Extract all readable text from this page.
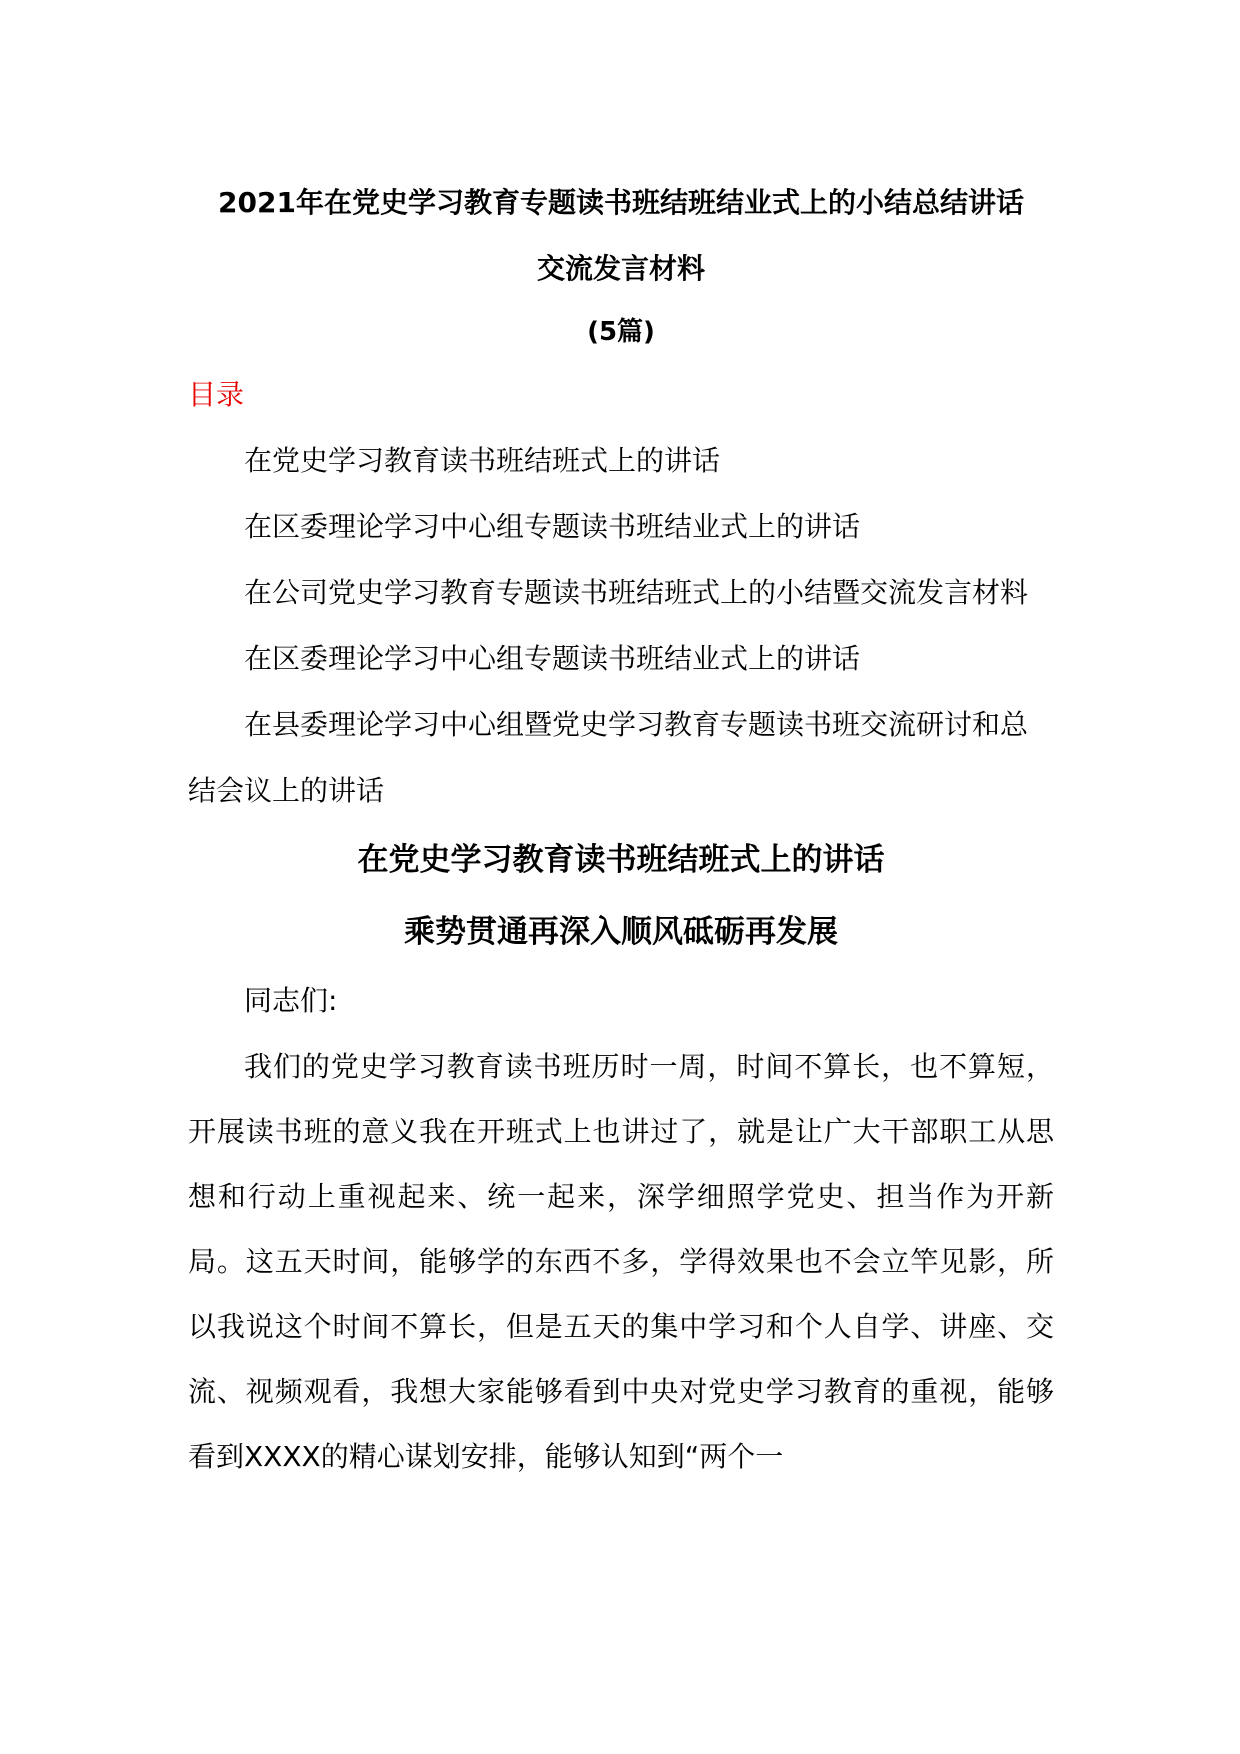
2021年在党史学习教育专题读书班结班结业式上的小结总结讲话

交流发言材料

(5篇)

目录

在党史学习教育读书班结班式上的讲话

在区委理论学习中心组专题读书班结业式上的讲话

在公司党史学习教育专题读书班结班式上的小结暨交流发言材料

在区委理论学习中心组专题读书班结业式上的讲话

在县委理论学习中心组暨党史学习教育专题读书班交流研讨和总结会议上的讲话

在党史学习教育读书班结班式上的讲话

乘势贯通再深入顺风砥砺再发展

同志们:

我们的党史学习教育读书班历时一周，时间不算长，也不算短，开展读书班的意义我在开班式上也讲过了，就是让广大干部职工从思想和行动上重视起来、统一起来，深学细照学党史、担当作为开新局。这五天时间，能够学的东西不多，学得效果也不会立竿见影，所以我说这个时间不算长，但是五天的集中学习和个人自学、讲座、交流、视频观看，我想大家能够看到中央对党史学习教育的重视，能够看到XXXX的精心谋划安排，能够认知到“两个一
